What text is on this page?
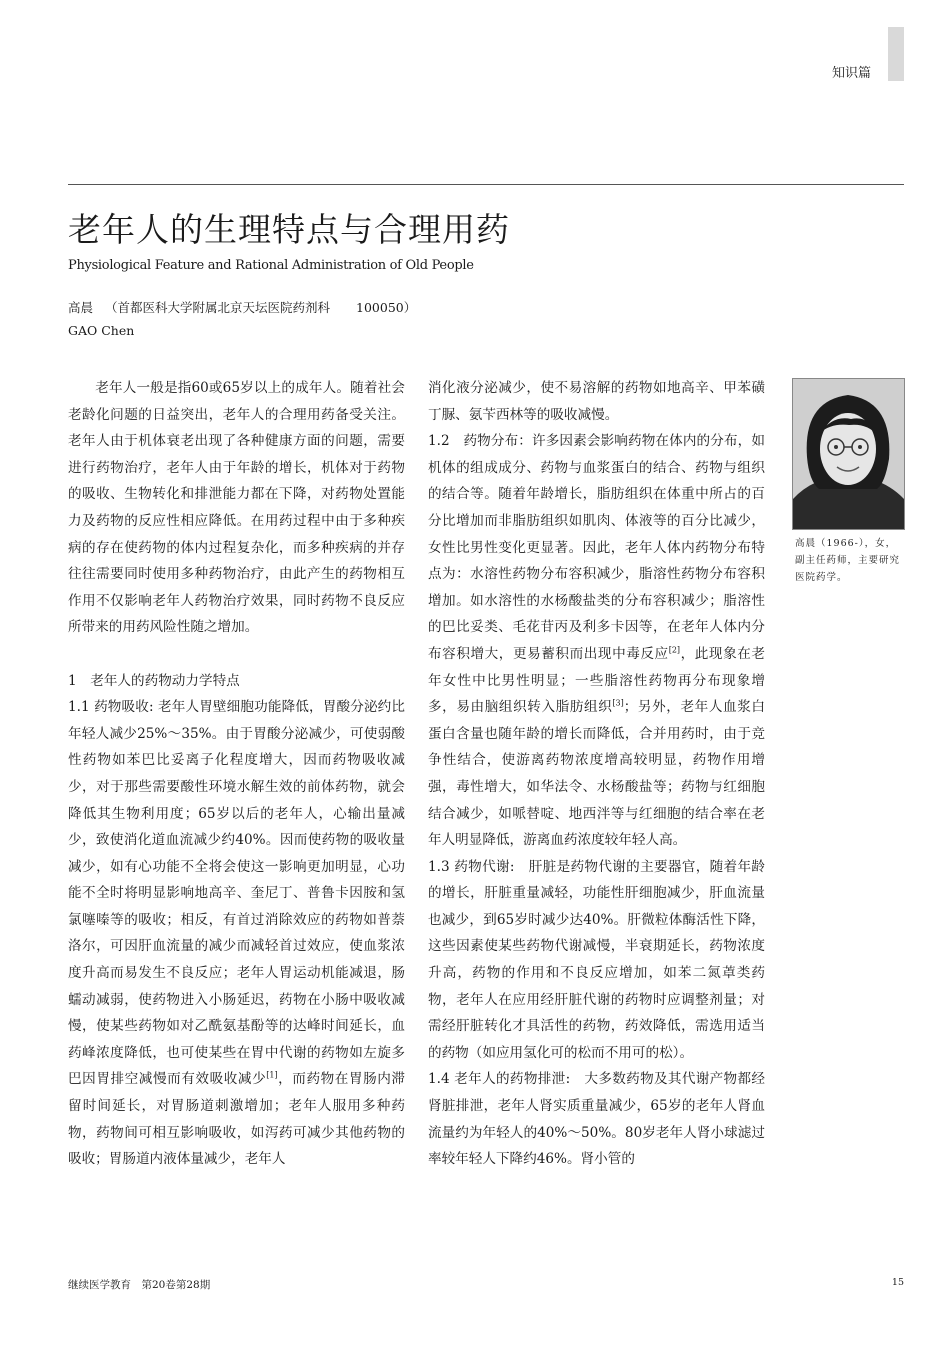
知识篇
老年人的生理特点与合理用药
Physiological Feature and Rational Administration of Old People
高晨 （首都医科大学附属北京天坛医院药剂科 100050）
GAO Chen

老年人一般是指60或65岁以上的成年人。随着社会老龄化问题的日益突出，老年人的合理用药备受关注。老年人由于机体衰老出现了各种健康方面的问题，需要进行药物治疗，老年人由于年龄的增长，机体对于药物的吸收、生物转化和排泄能力都在下降，对药物处置能力及药物的反应性相应降低。在用药过程中由于多种疾病的存在使药物的体内过程复杂化，而多种疾病的并存往往需要同时使用多种药物治疗，由此产生的药物相互作用不仅影响老年人药物治疗效果，同时药物不良反应所带来的用药风险性随之增加。

1　老年人的药物动力学特点

1.1 药物吸收: 老年人胃壁细胞功能降低，胃酸分泌约比年轻人减少25%～35%。由于胃酸分泌减少，可使弱酸性药物如苯巴比妥离子化程度增大，因而药物吸收减少，对于那些需要酸性环境水解生效的前体药物，就会降低其生物利用度；65岁以后的老年人，心输出量减少，致使消化道血流减少约40%。因而使药物的吸收量减少，如有心功能不全将会使这一影响更加明显，心功能不全时将明显影响地高辛、奎尼丁、普鲁卡因胺和氢氯噻嗪等的吸收；相反，有首过消除效应的药物如普萘洛尔，可因肝血流量的减少而减轻首过效应，使血浆浓度升高而易发生不良反应；老年人胃运动机能减退，肠蠕动减弱，使药物进入小肠延迟，药物在小肠中吸收减慢，使某些药物如对乙酰氨基酚等的达峰时间延长，血药峰浓度降低，也可使某些在胃中代谢的药物如左旋多巴因胃排空减慢而有效吸收减少[1]，而药物在胃肠内滞留时间延长，对胃肠道刺激增加；老年人服用多种药物，药物间可相互影响吸收，如泻药可减少其他药物的吸收；胃肠道内液体量减少，老年人

消化液分泌减少，使不易溶解的药物如地高辛、甲苯磺丁脲、氨苄西林等的吸收减慢。

1.2　药物分布：许多因素会影响药物在体内的分布，如机体的组成成分、药物与血浆蛋白的结合、药物与组织的结合等。随着年龄增长，脂肪组织在体重中所占的百分比增加而非脂肪组织如肌肉、体液等的百分比减少，女性比男性变化更显著。因此，老年人体内药物分布特点为：水溶性药物分布容积减少，脂溶性药物分布容积增加。如水溶性的水杨酸盐类的分布容积减少；脂溶性的巴比妥类、毛花苷丙及利多卡因等，在老年人体内分布容积增大，更易蓄积而出现中毒反应[2]，此现象在老年女性中比男性明显；一些脂溶性药物再分布现象增多，易由脑组织转入脂肪组织[3]；另外，老年人血浆白蛋白含量也随年龄的增长而降低，合并用药时，由于竞争性结合，使游离药物浓度增高较明显，药物作用增强，毒性增大，如华法令、水杨酸盐等；药物与红细胞结合减少，如哌替啶、地西泮等与红细胞的结合率在老年人明显降低，游离血药浓度较年轻人高。

1.3 药物代谢:　肝脏是药物代谢的主要器官，随着年龄的增长，肝脏重量减轻，功能性肝细胞减少，肝血流量也减少，到65岁时减少达40%。肝微粒体酶活性下降，这些因素使某些药物代谢减慢，半衰期延长，药物浓度升高，药物的作用和不良反应增加，如苯二氮䓬类药物，老年人在应用经肝脏代谢的药物时应调整剂量；对需经肝脏转化才具活性的药物，药效降低，需选用适当的药物（如应用氢化可的松而不用可的松）。

1.4 老年人的药物排泄:　大多数药物及其代谢产物都经肾脏排泄，老年人肾实质重量减少，65岁的老年人肾血流量约为年轻人的40%～50%。80岁老年人肾小球滤过率较年轻人下降约46%。肾小管的

高晨（1966-），女，副主任药师，主要研究医院药学。
继续医学教育　第20卷第28期	15
